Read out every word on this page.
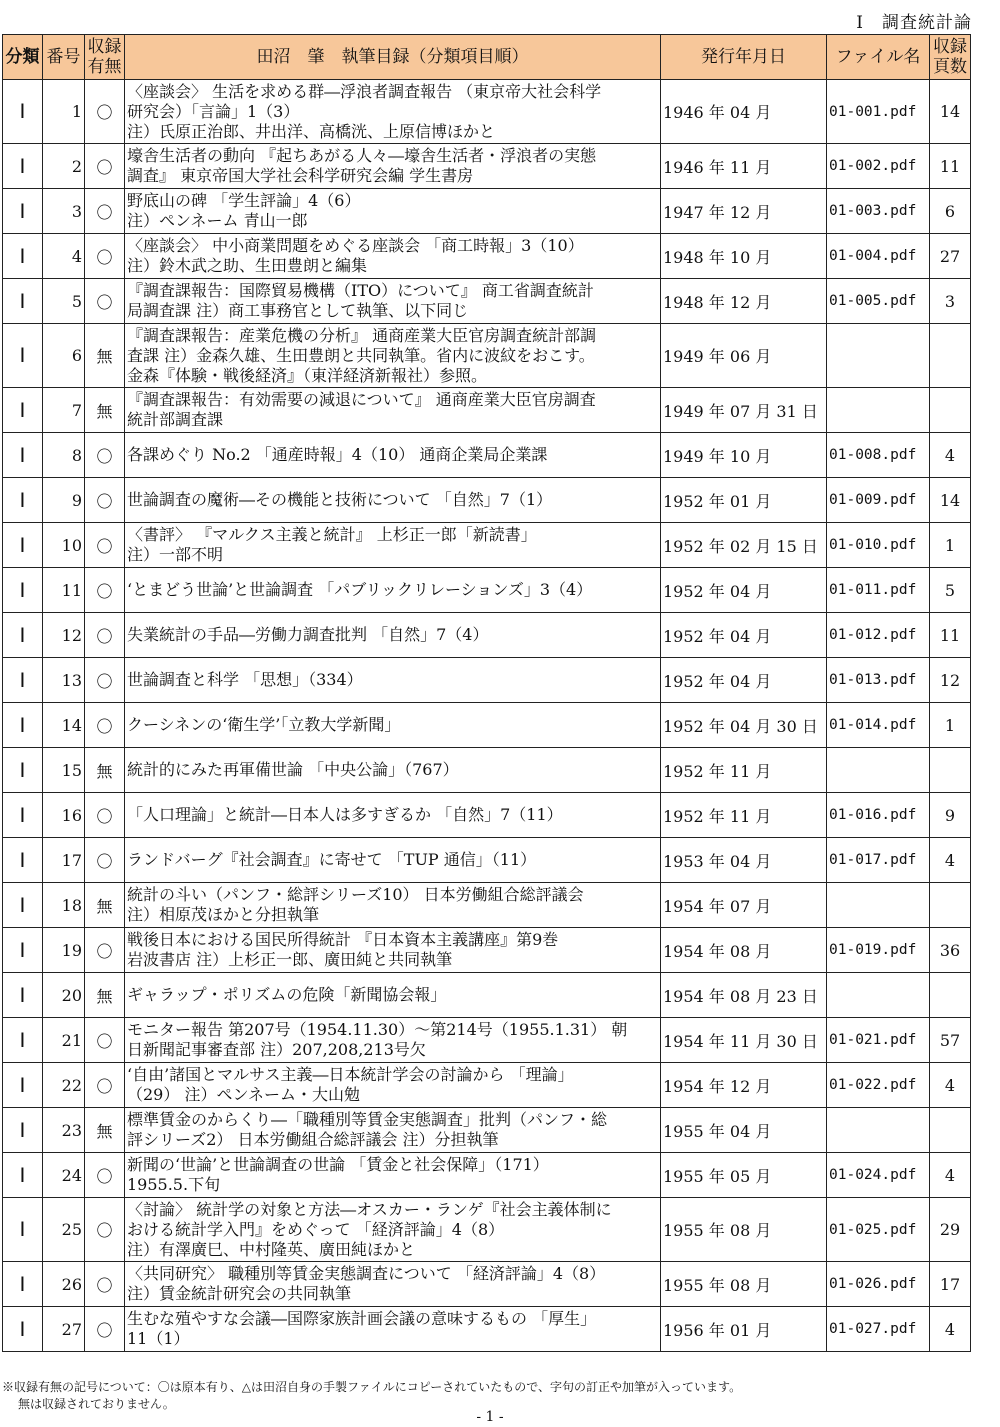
Ⅰ　調査統計論
分類	番号	収録有無	田沼　肇　執筆目録（分類項目順）	発行年月日	ファイル名	収録頁数
Ⅰ	1	〇	〈座談会〉 生活を求める群―浮浪者調査報告 （東京帝大社会科学
研究会）「言論」1（3）
注）氏原正治郎、井出洋、高橋洸、上原信博ほかと	1946 年 04 月	01-001.pdf	14
Ⅰ	2	〇	壕舎生活者の動向 『起ちあがる人々―壕舎生活者・浮浪者の実態
調査』 東京帝国大学社会科学研究会編 学生書房	1946 年 11 月	01-002.pdf	11
Ⅰ	3	〇	野底山の碑 「学生評論」4（6）
注）ペンネーム 青山一郎	1947 年 12 月	01-003.pdf	6
Ⅰ	4	〇	〈座談会〉 中小商業問題をめぐる座談会 「商工時報」3（10）
注）鈴木武之助、生田豊朗と編集	1948 年 10 月	01-004.pdf	27
Ⅰ	5	〇	『調査課報告：国際貿易機構（ITO）について』 商工省調査統計
局調査課 注）商工事務官として執筆、以下同じ	1948 年 12 月	01-005.pdf	3
Ⅰ	6	無	『調査課報告：産業危機の分析』 通商産業大臣官房調査統計部調
査課 注）金森久雄、生田豊朗と共同執筆。省内に波紋をおこす。
金森『体験・戦後経済』（東洋経済新報社）参照。	1949 年 06 月		
Ⅰ	7	無	『調査課報告：有効需要の減退について』 通商産業大臣官房調査
統計部調査課	1949 年 07 月 31 日		
Ⅰ	8	〇	各課めぐり No.2 「通産時報」4（10） 通商企業局企業課	1949 年 10 月	01-008.pdf	4
Ⅰ	9	〇	世論調査の魔術―その機能と技術について 「自然」7（1）	1952 年 01 月	01-009.pdf	14
Ⅰ	10	〇	〈書評〉 『マルクス主義と統計』 上杉正一郎「新読書」
注）一部不明	1952 年 02 月 15 日	01-010.pdf	1
Ⅰ	11	〇	‘とまどう世論’と世論調査 「パブリックリレーションズ」3（4）	1952 年 04 月	01-011.pdf	5
Ⅰ	12	〇	失業統計の手品―労働力調査批判 「自然」7（4）	1952 年 04 月	01-012.pdf	11
Ⅰ	13	〇	世論調査と科学 「思想」（334）	1952 年 04 月	01-013.pdf	12
Ⅰ	14	〇	クーシネンの‘衛生学’「立教大学新聞」	1952 年 04 月 30 日	01-014.pdf	1
Ⅰ	15	無	統計的にみた再軍備世論 「中央公論」（767）	1952 年 11 月		
Ⅰ	16	〇	「人口理論」と統計―日本人は多すぎるか 「自然」7（11）	1952 年 11 月	01-016.pdf	9
Ⅰ	17	〇	ランドバーグ『社会調査』に寄せて 「TUP 通信」（11）	1953 年 04 月	01-017.pdf	4
Ⅰ	18	無	統計の斗い（パンフ・総評シリーズ10） 日本労働組合総評議会
注）相原茂ほかと分担執筆	1954 年 07 月		
Ⅰ	19	〇	戦後日本における国民所得統計 『日本資本主義講座』第9巻
岩波書店 注）上杉正一郎、廣田純と共同執筆	1954 年 08 月	01-019.pdf	36
Ⅰ	20	無	ギャラップ・ポリズムの危険「新聞協会報」	1954 年 08 月 23 日		
Ⅰ	21	〇	モニター報告 第207号（1954.11.30）～第214号（1955.1.31） 朝
日新聞記事審査部 注）207,208,213号欠	1954 年 11 月 30 日	01-021.pdf	57
Ⅰ	22	〇	‘自由’諸国とマルサス主義―日本統計学会の討論から 「理論」
（29） 注）ペンネーム・大山勉	1954 年 12 月	01-022.pdf	4
Ⅰ	23	無	標準賃金のからくり―「職種別等賃金実態調査」批判（パンフ・総
評シリーズ2） 日本労働組合総評議会 注）分担執筆	1955 年 04 月		
Ⅰ	24	〇	新聞の‘世論’と世論調査の世論 「賃金と社会保障」（171）
1955.5.下旬	1955 年 05 月	01-024.pdf	4
Ⅰ	25	〇	〈討論〉 統計学の対象と方法―オスカー・ランゲ『社会主義体制に
おける統計学入門』をめぐって 「経済評論」4（8）
注）有澤廣巳、中村隆英、廣田純ほかと	1955 年 08 月	01-025.pdf	29
Ⅰ	26	〇	〈共同研究〉 職種別等賃金実態調査について 「経済評論」4（8）
注）賃金統計研究会の共同執筆	1955 年 08 月	01-026.pdf	17
Ⅰ	27	〇	生むな殖やすな会議―国際家族計画会議の意味するもの 「厚生」
11（1）	1956 年 01 月	01-027.pdf	4
※収録有無の記号について：〇は原本有り、△は田沼自身の手製ファイルにコピーされていたもので、字句の訂正や加筆が入っています。
無は収録されておりません。
- 1 -
